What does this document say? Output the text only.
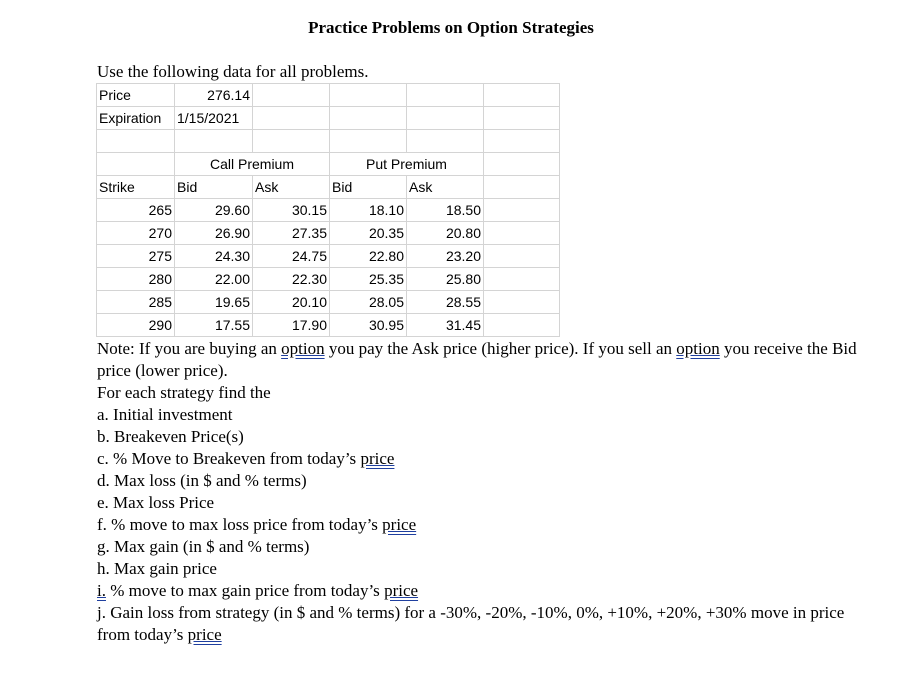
Practice Problems on Option Strategies
Use the following data for all problems.
Price	276.14				
Expiration	1/15/2021				

	Call Premium		Put Premium		
Strike	Bid	Ask	Bid	Ask	
265	29.60	30.15	18.10	18.50	
270	26.90	27.35	20.35	20.80	
275	24.30	24.75	22.80	23.20	
280	22.00	22.30	25.35	25.80	
285	19.65	20.10	28.05	28.55	
290	17.55	17.90	30.95	31.45	

Note: If you are buying an option you pay the Ask price (higher price). If you sell an option you receive the Bid price (lower price).

For each strategy find the

a. Initial investment

b. Breakeven Price(s)

c. % Move to Breakeven from today’s price

d. Max loss (in $ and % terms)

e. Max loss Price

f. % move to max loss price from today’s price

g. Max gain (in $ and % terms)

h. Max gain price

i. % move to max gain price from today’s price

j. Gain loss from strategy (in $ and % terms) for a -30%, -20%, -10%, 0%, +10%, +20%, +30% move in price from today’s price
